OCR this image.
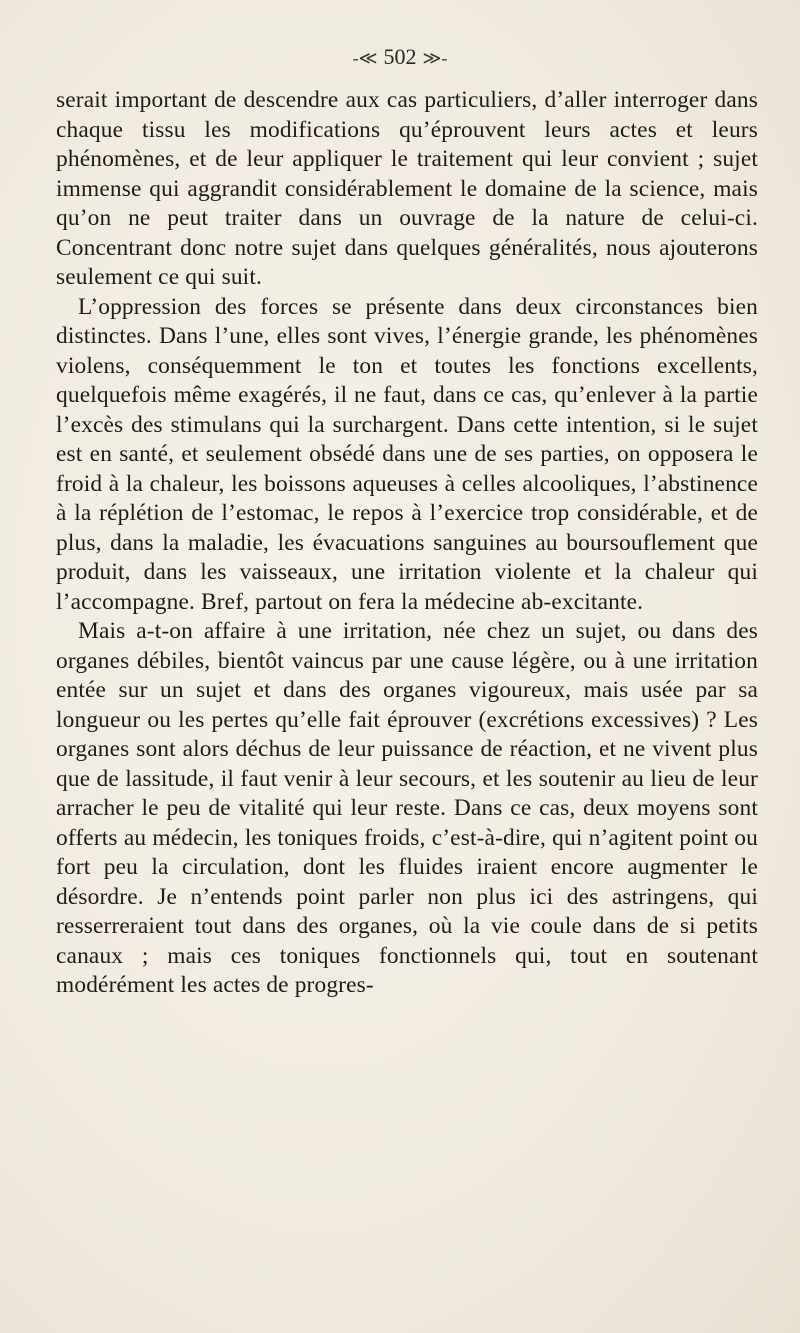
-≪ 502 ≫-

serait important de descendre aux cas particuliers, d’aller interroger dans chaque tissu les modifications qu’éprouvent leurs actes et leurs phénomènes, et de leur appliquer le traitement qui leur convient ; sujet immense qui aggrandit considérablement le domaine de la science, mais qu’on ne peut traiter dans un ouvrage de la nature de celui-ci. Concentrant donc notre sujet dans quelques généralités, nous ajouterons seulement ce qui suit.

L’oppression des forces se présente dans deux circonstances bien distinctes. Dans l’une, elles sont vives, l’énergie grande, les phénomènes violens, conséquemment le ton et toutes les fonctions excellents, quelquefois même exagérés, il ne faut, dans ce cas, qu’enlever à la partie l’excès des stimulans qui la surchargent. Dans cette intention, si le sujet est en santé, et seulement obsédé dans une de ses parties, on opposera le froid à la chaleur, les boissons aqueuses à celles alcooliques, l’abstinence à la réplétion de l’estomac, le repos à l’exercice trop considérable, et de plus, dans la maladie, les évacuations sanguines au boursouflement que produit, dans les vaisseaux, une irritation violente et la chaleur qui l’accompagne. Bref, partout on fera la médecine ab-excitante.

Mais a-t-on affaire à une irritation, née chez un sujet, ou dans des organes débiles, bientôt vaincus par une cause légère, ou à une irritation entée sur un sujet et dans des organes vigoureux, mais usée par sa longueur ou les pertes qu’elle fait éprouver (excrétions excessives) ? Les organes sont alors déchus de leur puissance de réaction, et ne vivent plus que de lassitude, il faut venir à leur secours, et les soutenir au lieu de leur arracher le peu de vitalité qui leur reste. Dans ce cas, deux moyens sont offerts au médecin, les toniques froids, c’est-à-dire, qui n’agitent point ou fort peu la circulation, dont les fluides iraient encore augmenter le désordre. Je n’entends point parler non plus ici des astringens, qui resserreraient tout dans des organes, où la vie coule dans de si petits canaux ; mais ces toniques fonctionnels qui, tout en soutenant modérément les actes de progres-
